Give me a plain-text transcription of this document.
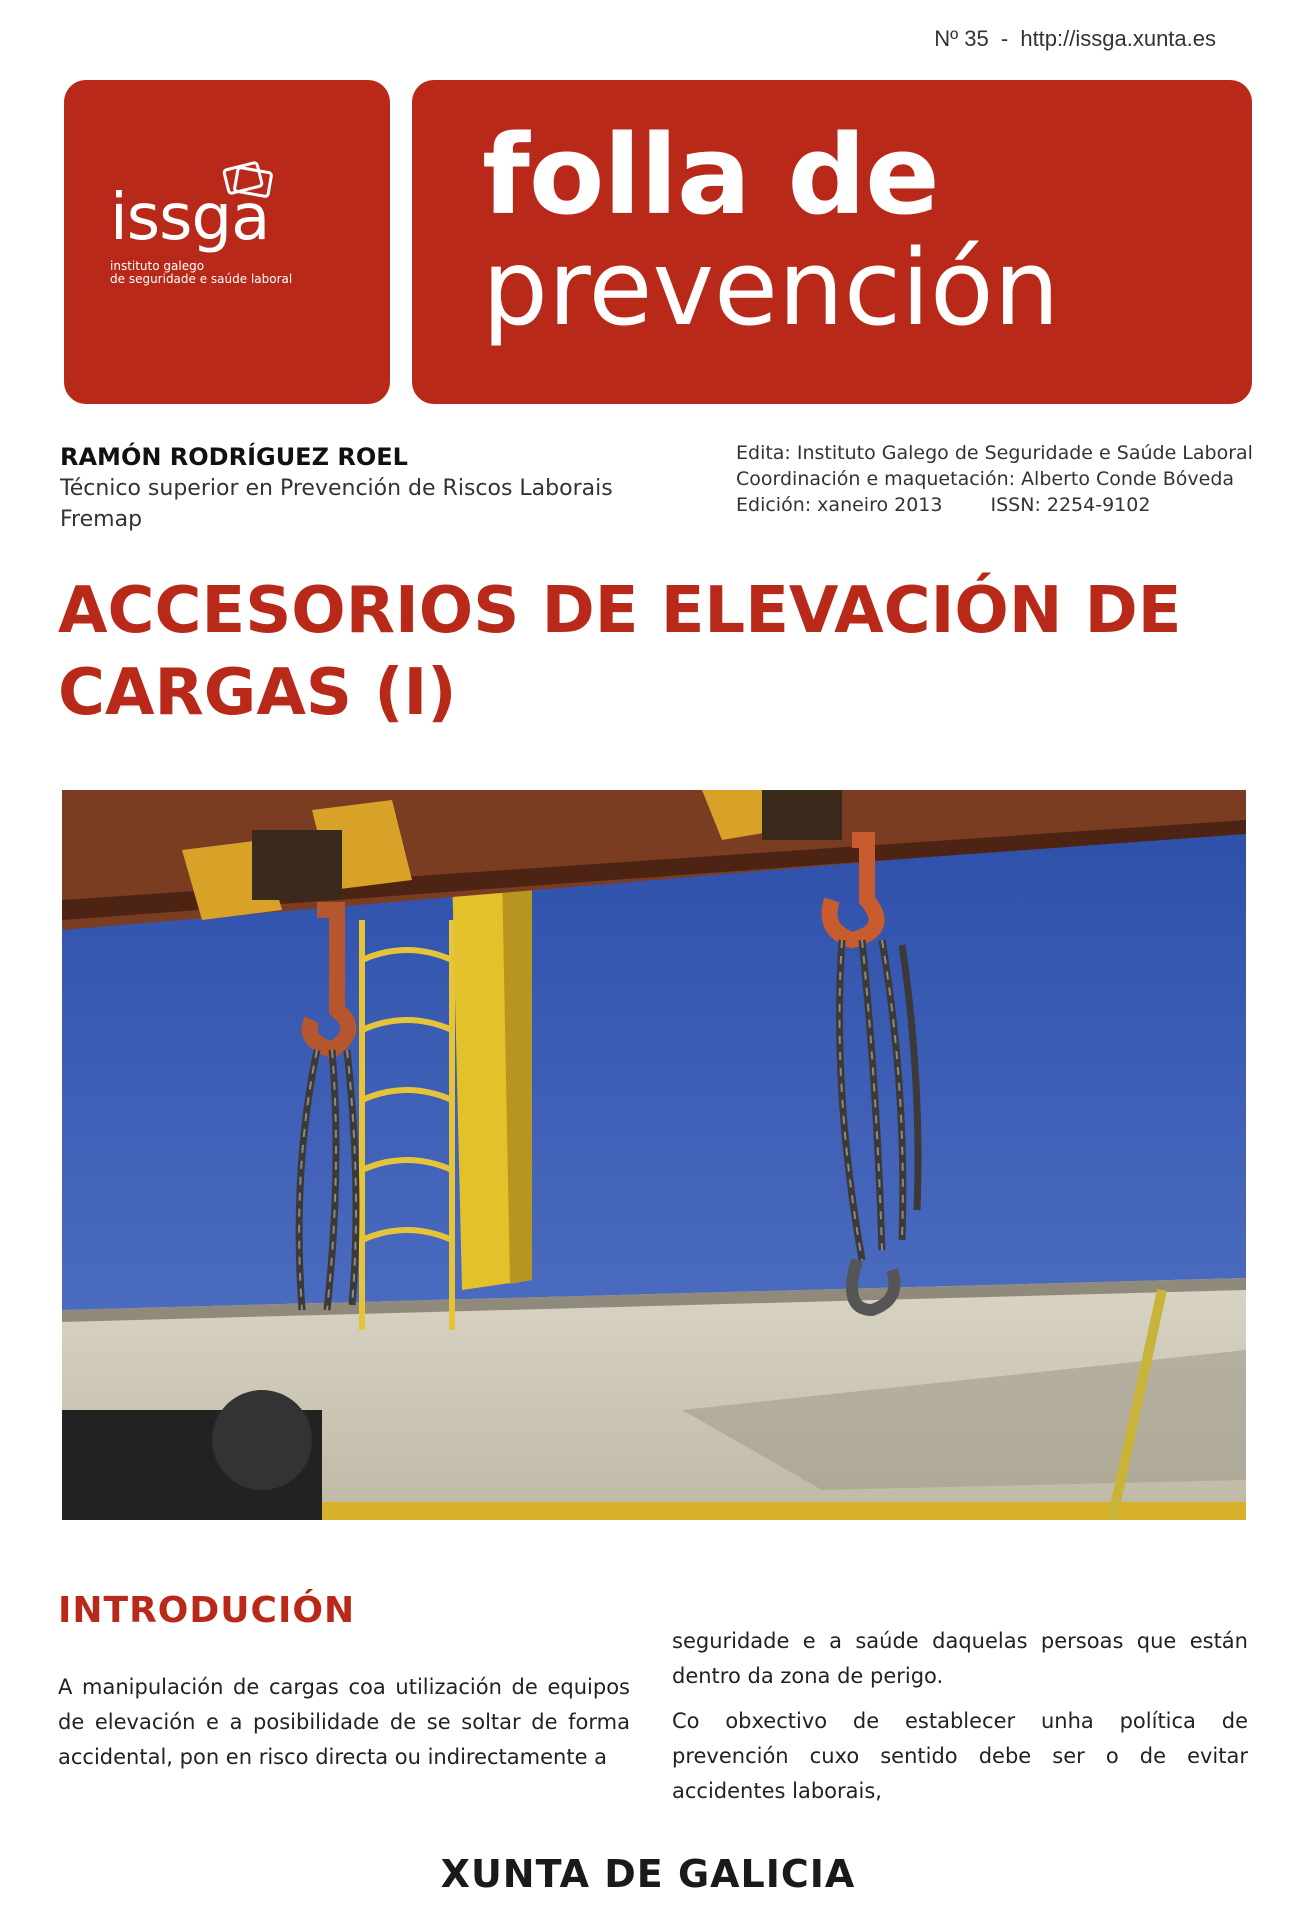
Nº 35 - http://issga.xunta.es
issga
instituto galego
de seguridade e saúde laboral
folla de
prevención
RAMÓN RODRÍGUEZ ROEL
Técnico superior en Prevención de Riscos Laborais
Fremap
Edita: Instituto Galego de Seguridade e Saúde Laboral
Coordinación e maquetación: Alberto Conde Bóveda
Edición: xaneiro 2013	ISSN: 2254-9102
ACCESORIOS DE ELEVACIÓN DE CARGAS (I)
INTRODUCIÓN

A manipulación de cargas coa utilización de equipos de elevación e a posibilidade de se soltar de forma accidental, pon en risco directa ou indirectamente a

seguridade e a saúde daquelas persoas que están dentro da zona de perigo.

Co obxectivo de establecer unha política de prevención cuxo sentido debe ser o de evitar accidentes laborais,

XUNTA DE GALICIA
